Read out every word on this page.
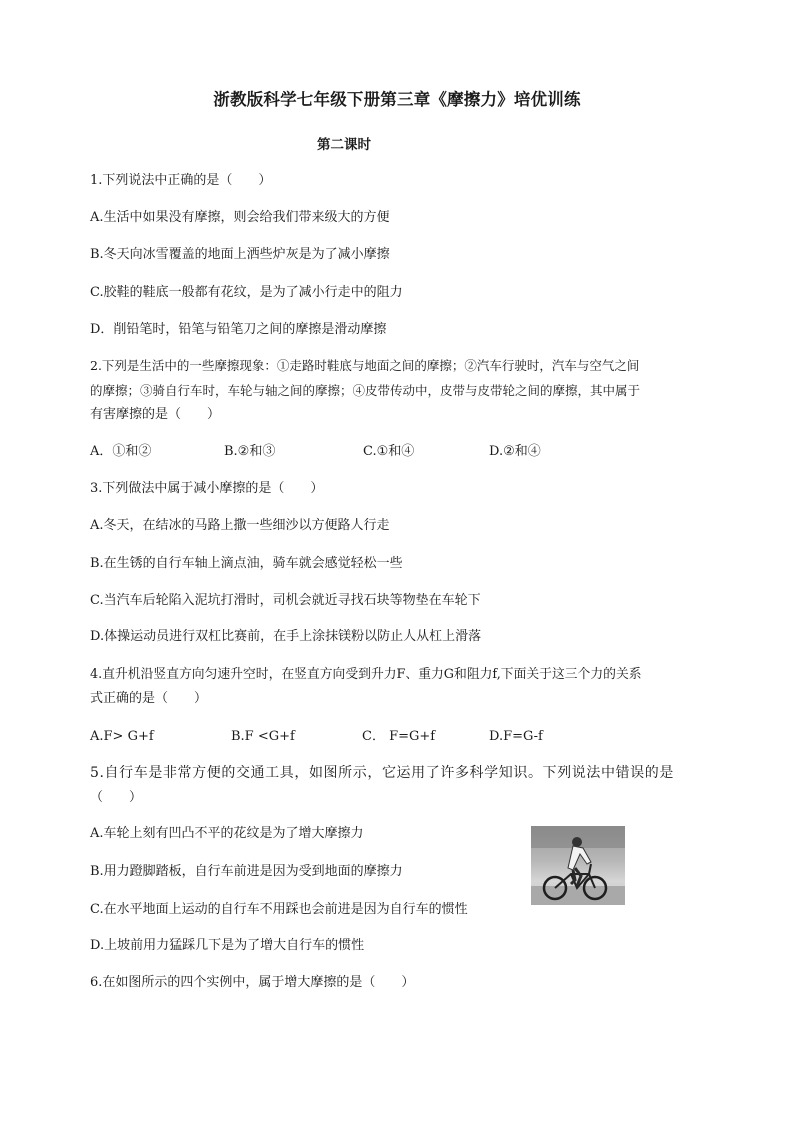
浙教版科学七年级下册第三章《摩擦力》培优训练
第二课时
1.下列说法中正确的是（　　）
A.生活中如果没有摩擦，则会给我们带来级大的方便
B.冬天向冰雪覆盖的地面上洒些炉灰是为了减小摩擦
C.胶鞋的鞋底一般都有花纹，是为了减小行走中的阻力
D．削铅笔时，铅笔与铅笔刀之间的摩擦是滑动摩擦
2.下列是生活中的一些摩擦现象：①走路时鞋底与地面之间的摩擦；②汽车行驶时，汽车与空气之间
的摩擦；③骑自行车时，车轮与轴之间的摩擦；④皮带传动中，皮带与皮带轮之间的摩擦，其中属于
有害摩擦的是（　　）
A．①和②	B.②和③	C.①和④	D.②和④
3.下列做法中属于减小摩擦的是（　　）
A.冬天，在结冰的马路上撒一些细沙以方便路人行走
B.在生锈的自行车轴上滴点油，骑车就会感觉轻松一些
C.当汽车后轮陷入泥坑打滑时，司机会就近寻找石块等物垫在车轮下
D.体操运动员进行双杠比赛前，在手上涂抹镁粉以防止人从杠上滑落
4.直升机沿竖直方向匀速升空时，在竖直方向受到升力F、重力G和阻力f,下面关于这三个力的关系
式正确的是（　　）
A.F> G+f	B.F <G+f	C． F=G+f	D.F=G-f
5.自行车是非常方便的交通工具，如图所示，它运用了许多科学知识。下列说法中错误的是
（　　）
A.车轮上刻有凹凸不平的花纹是为了增大摩擦力
B.用力蹬脚踏板，自行车前进是因为受到地面的摩擦力
C.在水平地面上运动的自行车不用踩也会前进是因为自行车的惯性
D.上坡前用力猛踩几下是为了增大自行车的惯性
6.在如图所示的四个实例中，属于增大摩擦的是（　　）
